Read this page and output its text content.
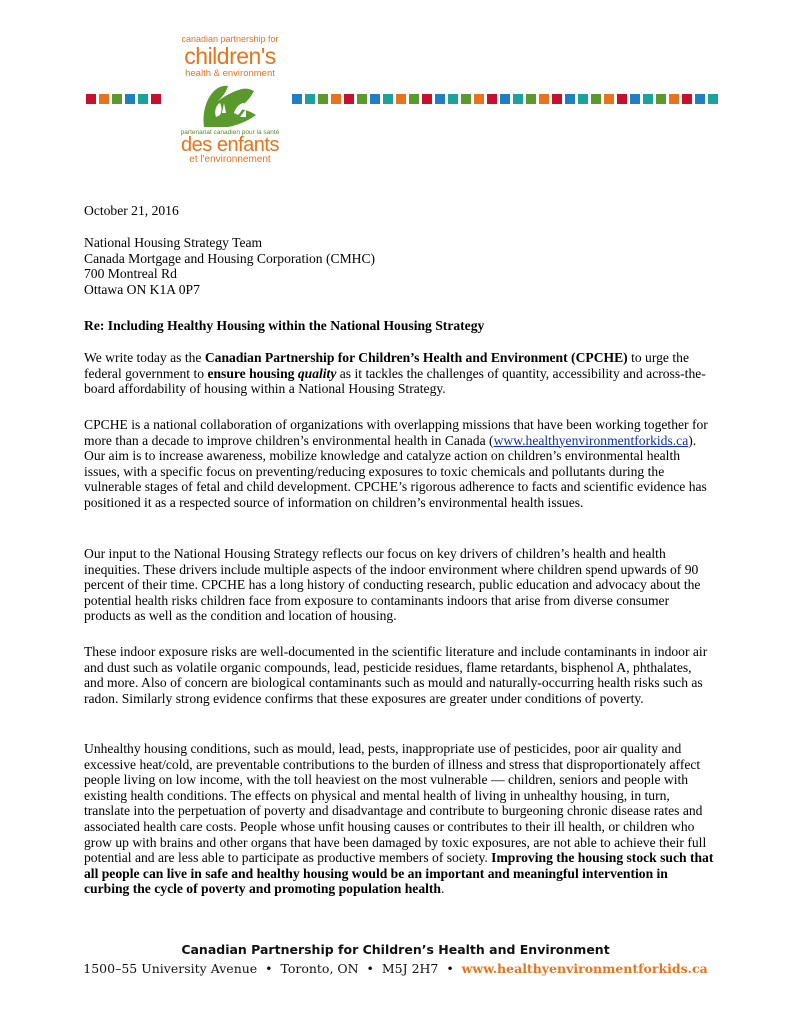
canadian partnership for
children's
health & environment
partenariat canadien pour la santé
des enfants
et l'environnement
October 21, 2016
National Housing Strategy Team
Canada Mortgage and Housing Corporation (CMHC)
700 Montreal Rd
Ottawa ON K1A 0P7
Re: Including Healthy Housing within the National Housing Strategy

We write today as the Canadian Partnership for Children’s Health and Environment (CPCHE) to urge the federal government to ensure housing quality as it tackles the challenges of quantity, accessibility and across-the-board affordability of housing within a National Housing Strategy.

CPCHE is a national collaboration of organizations with overlapping missions that have been working together for more than a decade to improve children’s environmental health in Canada (www.healthyenvironmentforkids.ca). Our aim is to increase awareness, mobilize knowledge and catalyze action on children’s environmental health issues, with a specific focus on preventing/reducing exposures to toxic chemicals and pollutants during the vulnerable stages of fetal and child development. CPCHE’s rigorous adherence to facts and scientific evidence has positioned it as a respected source of information on children’s environmental health issues.

Our input to the National Housing Strategy reflects our focus on key drivers of children’s health and health inequities. These drivers include multiple aspects of the indoor environment where children spend upwards of 90 percent of their time. CPCHE has a long history of conducting research, public education and advocacy about the potential health risks children face from exposure to contaminants indoors that arise from diverse consumer products as well as the condition and location of housing.

These indoor exposure risks are well-documented in the scientific literature and include contaminants in indoor air and dust such as volatile organic compounds, lead, pesticide residues, flame retardants, bisphenol A, phthalates, and more. Also of concern are biological contaminants such as mould and naturally-occurring health risks such as radon. Similarly strong evidence confirms that these exposures are greater under conditions of poverty.

Unhealthy housing conditions, such as mould, lead, pests, inappropriate use of pesticides, poor air quality and excessive heat/cold, are preventable contributions to the burden of illness and stress that disproportionately affect people living on low income, with the toll heaviest on the most vulnerable — children, seniors and people with existing health conditions. The effects on physical and mental health of living in unhealthy housing, in turn, translate into the perpetuation of poverty and disadvantage and contribute to burgeoning chronic disease rates and associated health care costs. People whose unfit housing causes or contributes to their ill health, or children who grow up with brains and other organs that have been damaged by toxic exposures, are not able to achieve their full potential and are less able to participate as productive members of society. Improving the housing stock such that all people can live in safe and healthy housing would be an important and meaningful intervention in curbing the cycle of poverty and promoting population health.

Canadian Partnership for Children’s Health and Environment
1500–55 University Avenue  •  Toronto, ON  •  M5J 2H7  •  www.healthyenvironmentforkids.ca
